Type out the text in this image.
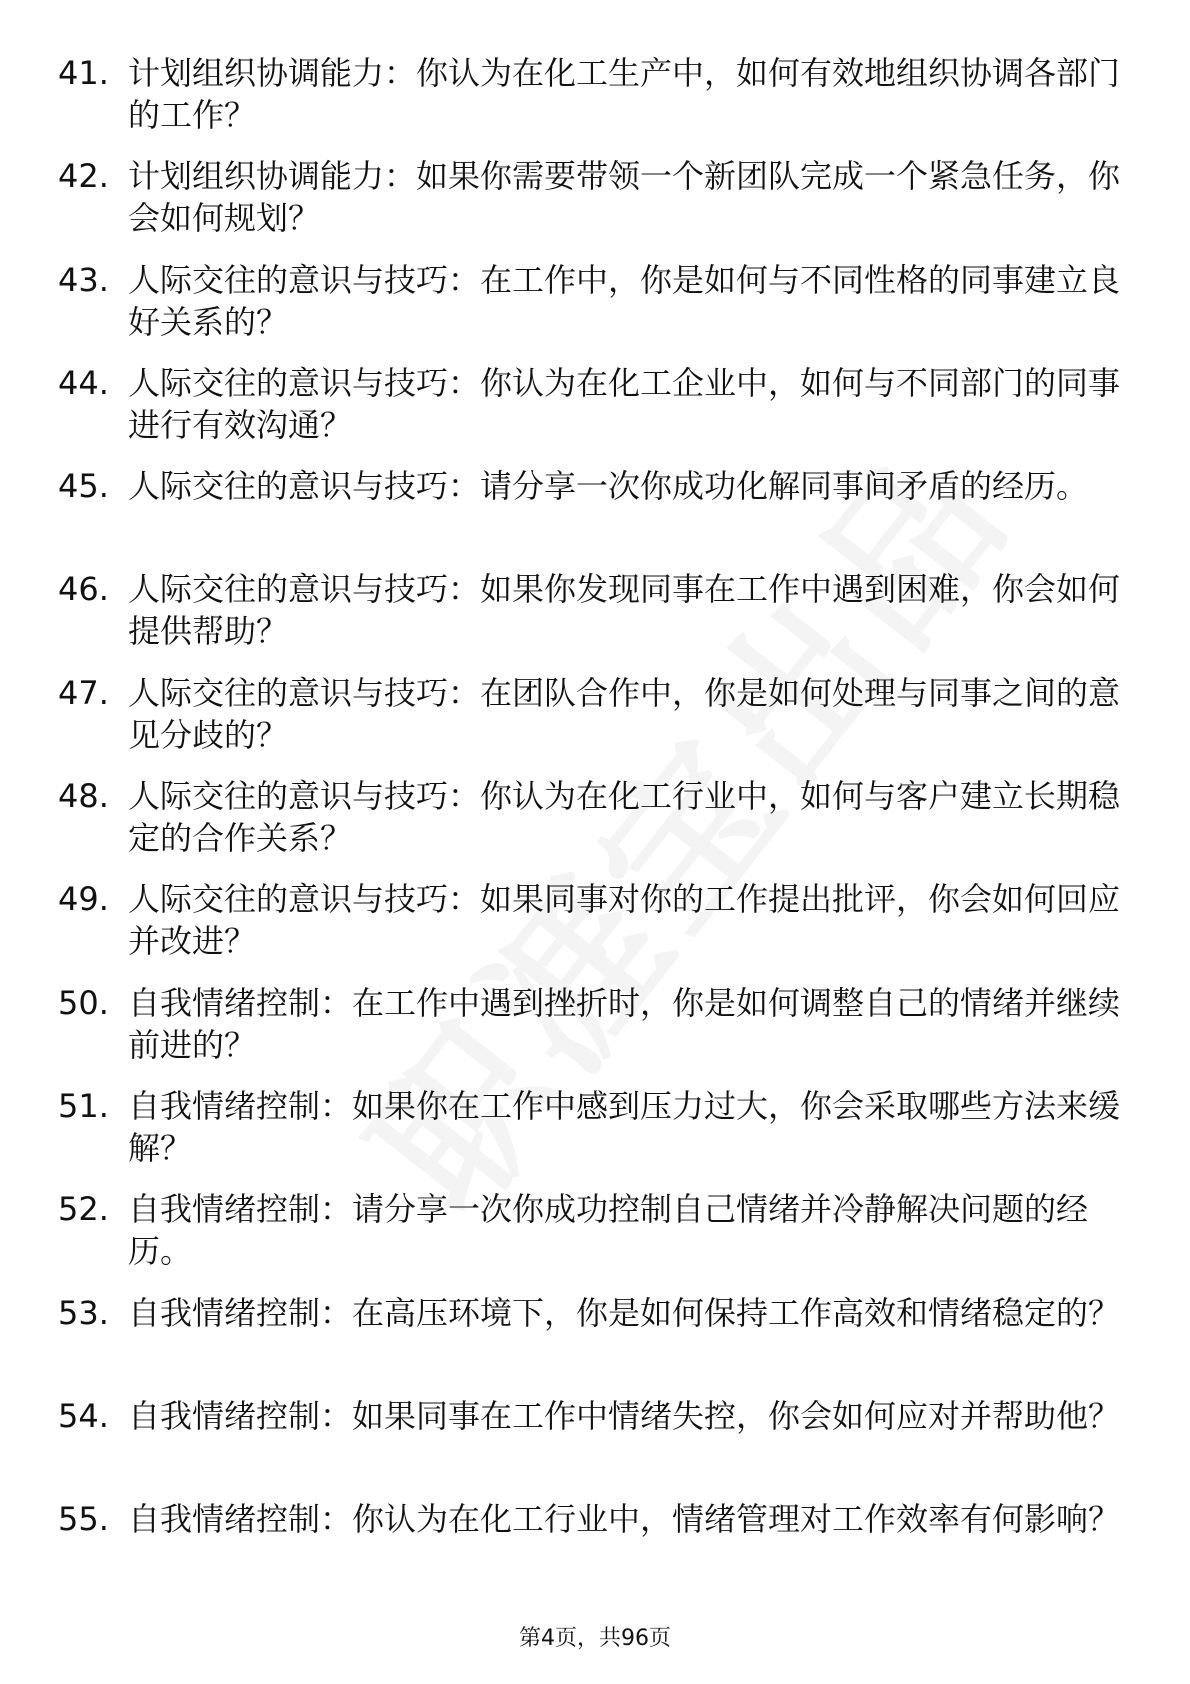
41. 计划组织协调能力：你认为在化工生产中，如何有效地组织协调各部门的工作？
42. 计划组织协调能力：如果你需要带领一个新团队完成一个紧急任务，你会如何规划？
43. 人际交往的意识与技巧：在工作中，你是如何与不同性格的同事建立良好关系的？
44. 人际交往的意识与技巧：你认为在化工企业中，如何与不同部门的同事进行有效沟通？
45. 人际交往的意识与技巧：请分享一次你成功化解同事间矛盾的经历。
46. 人际交往的意识与技巧：如果你发现同事在工作中遇到困难，你会如何提供帮助？
47. 人际交往的意识与技巧：在团队合作中，你是如何处理与同事之间的意见分歧的？
48. 人际交往的意识与技巧：你认为在化工行业中，如何与客户建立长期稳定的合作关系？
49. 人际交往的意识与技巧：如果同事对你的工作提出批评，你会如何回应并改进？
50. 自我情绪控制：在工作中遇到挫折时，你是如何调整自己的情绪并继续前进的？
51. 自我情绪控制：如果你在工作中感到压力过大，你会采取哪些方法来缓解？
52. 自我情绪控制：请分享一次你成功控制自己情绪并冷静解决问题的经历。
53. 自我情绪控制：在高压环境下，你是如何保持工作高效和情绪稳定的？
54. 自我情绪控制：如果同事在工作中情绪失控，你会如何应对并帮助他？
55. 自我情绪控制：你认为在化工行业中，情绪管理对工作效率有何影响？
第4页，共96页
